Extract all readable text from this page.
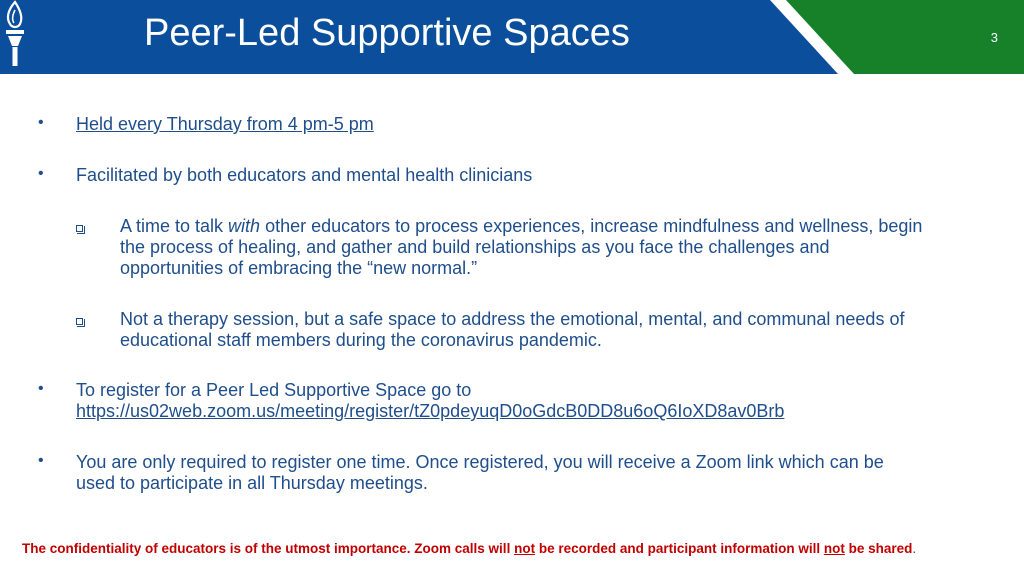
Peer-Led Supportive Spaces	3
• Held every Thursday from 4 pm-5 pm
• Facilitated by both educators and mental health clinicians
A time to talk with other educators to process experiences, increase mindfulness and wellness, begin
the process of healing, and gather and build relationships as you face the challenges and
opportunities of embracing the “new normal.”
Not a therapy session, but a safe space to address the emotional, mental, and communal needs of
educational staff members during the coronavirus pandemic.
• To register for a Peer Led Supportive Space go to
https://us02web.zoom.us/meeting/register/tZ0pdeyuqD0oGdcB0DD8u6oQ6IoXD8av0Brb
• You are only required to register one time. Once registered, you will receive a Zoom link which can be
used to participate in all Thursday meetings.
The confidentiality of educators is of the utmost importance. Zoom calls will not be recorded and participant information will not be shared.
